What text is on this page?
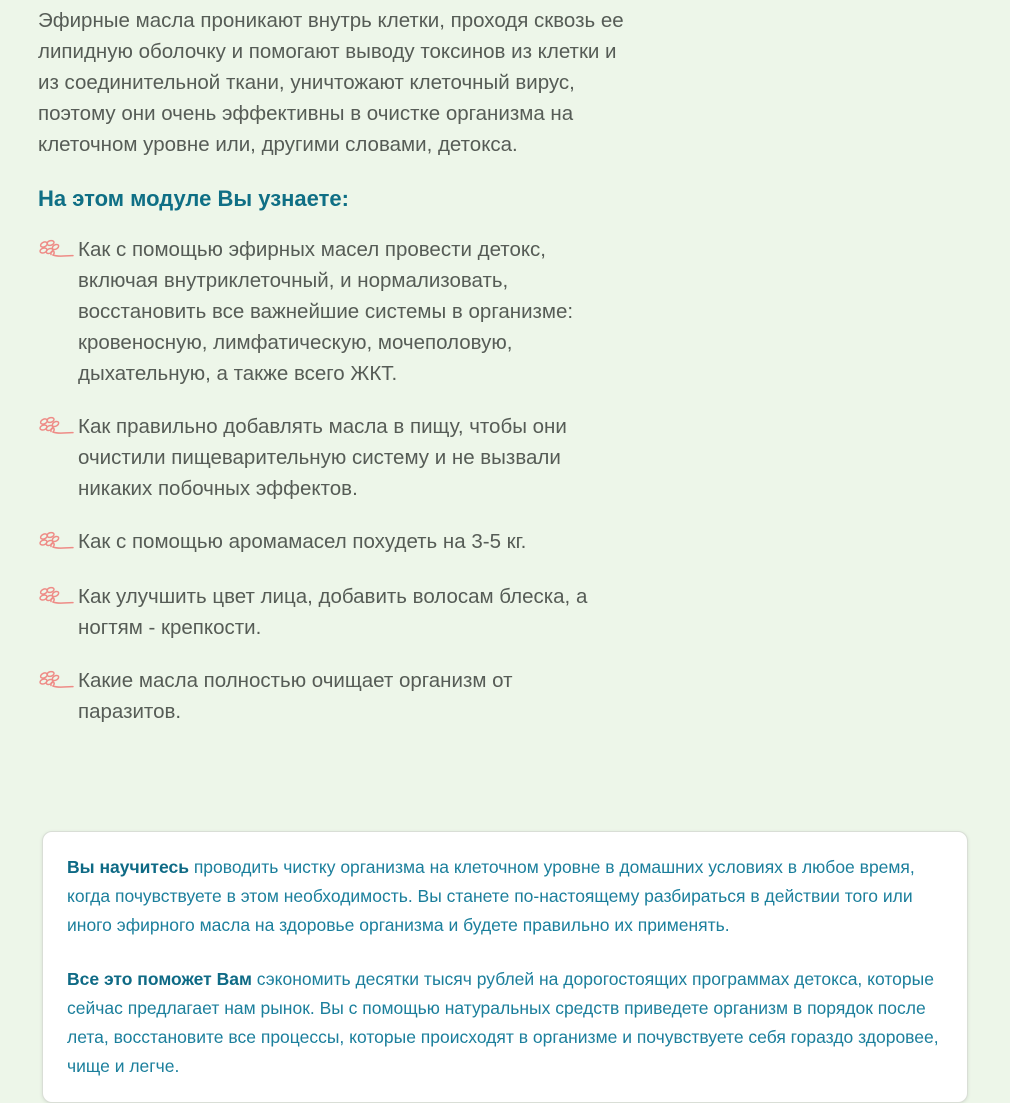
Эфирные масла проникают внутрь клетки, проходя сквозь ее липидную оболочку и помогают выводу токсинов из клетки и из соединительной ткани, уничтожают клеточный вирус, поэтому они очень эффективны в очистке организма на клеточном уровне или, другими словами, детокса.

На этом модуле Вы узнаете:
Как с помощью эфирных масел провести детокс, включая внутриклеточный, и нормализовать, восстановить все важнейшие системы в организме: кровеносную, лимфатическую, мочеполовую, дыхательную, а также всего ЖКТ.
Как правильно добавлять масла в пищу, чтобы они очистили пищеварительную систему и не вызвали никаких побочных эффектов.
Как с помощью аромамасел похудеть на 3-5 кг.
Как улучшить цвет лица, добавить волосам блеска, а ногтям - крепкости.
Какие масла полностью очищает организм от паразитов.

Вы научитесь проводить чистку организма на клеточном уровне в домашних условиях в любое время, когда почувствуете в этом необходимость. Вы станете по-настоящему разбираться в действии того или иного эфирного масла на здоровье организма и будете правильно их применять.

Все это поможет Вам сэкономить десятки тысяч рублей на дорогостоящих программах детокса, которые сейчас предлагает нам рынок. Вы с помощью натуральных средств приведете организм в порядок после лета, восстановите все процессы, которые происходят в организме и почувствуете себя гораздо здоровее, чище и легче.
